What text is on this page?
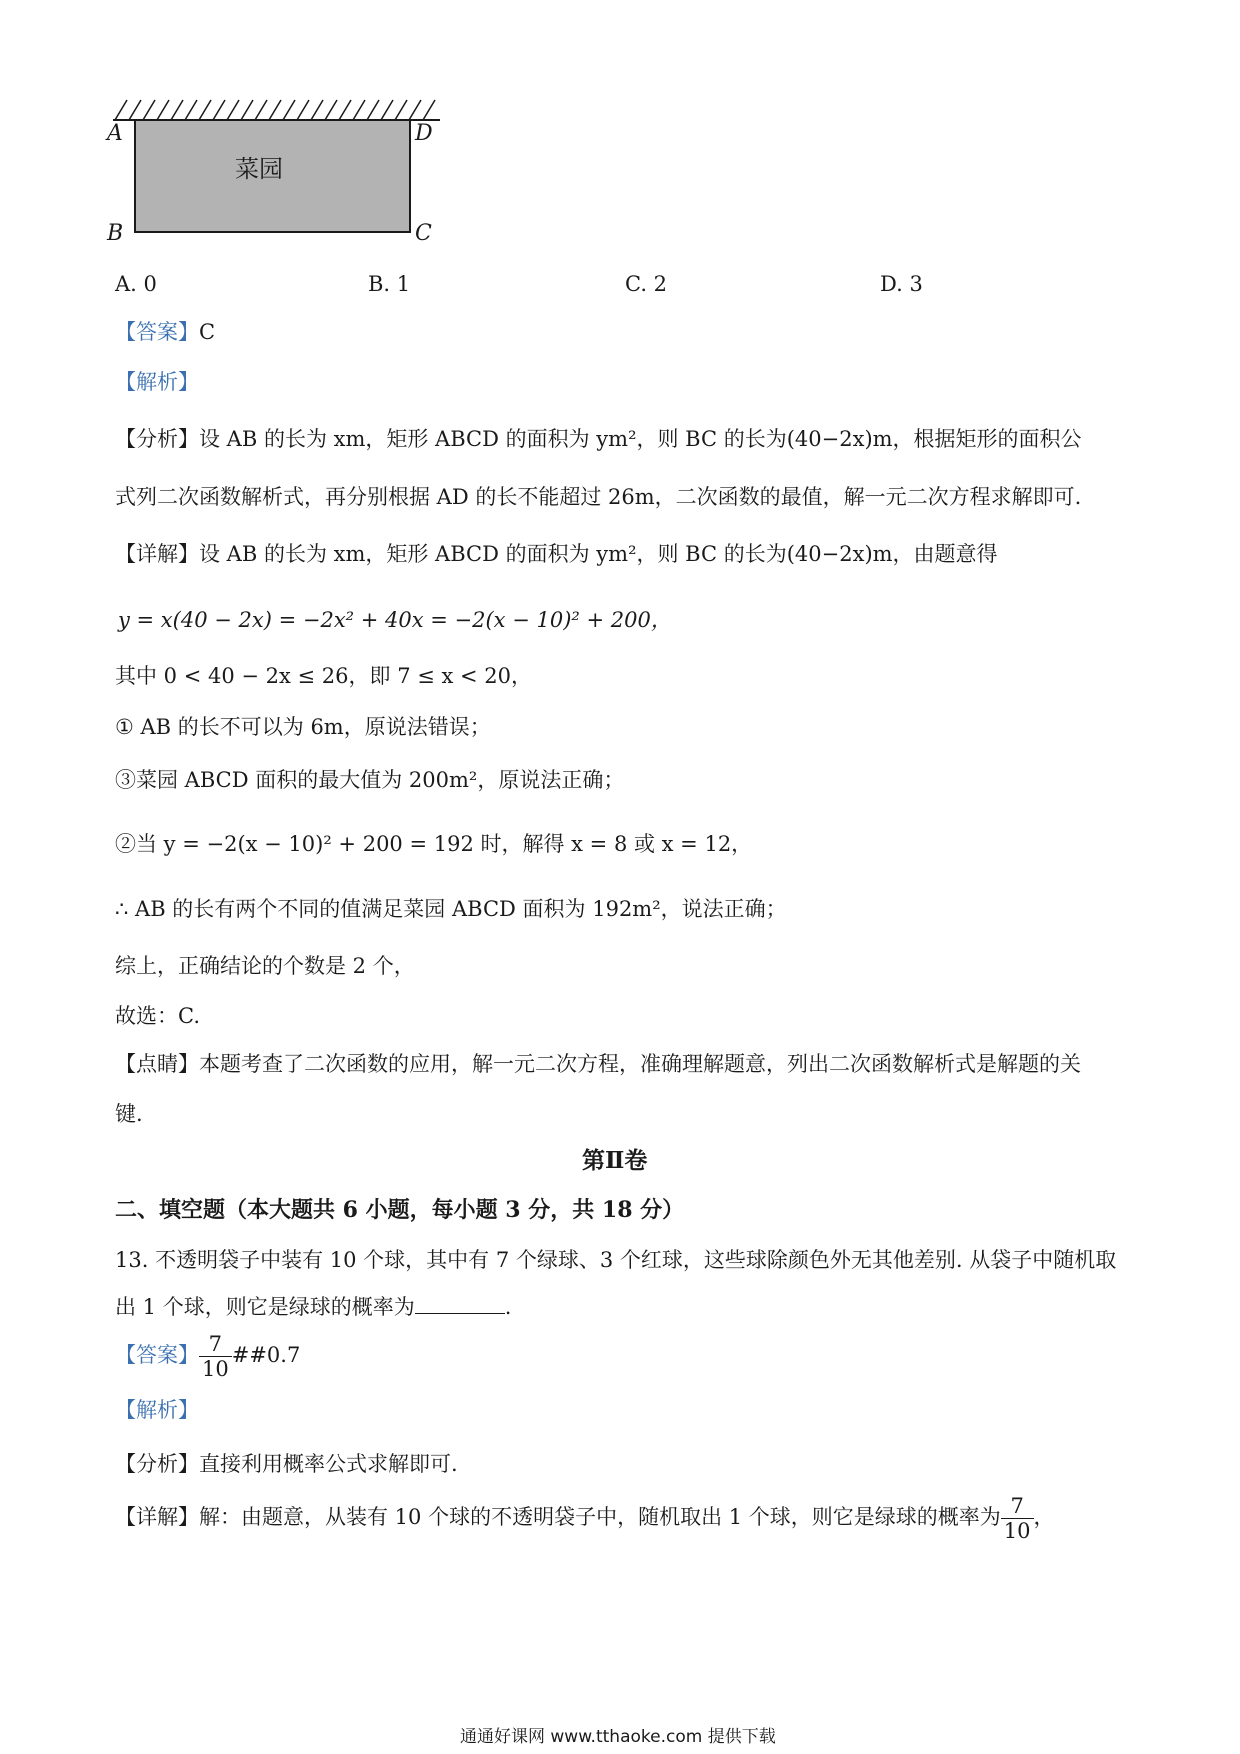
A	D
B	C
菜园
A. 0	B. 1	C. 2	D. 3
【答案】C
【解析】
【分析】设 AB 的长为 xm，矩形 ABCD 的面积为 ym²，则 BC 的长为(40−2x)m，根据矩形的面积公
式列二次函数解析式，再分别根据 AD 的长不能超过 26m，二次函数的最值，解一元二次方程求解即可.
【详解】设 AB 的长为 xm，矩形 ABCD 的面积为 ym²，则 BC 的长为(40−2x)m，由题意得
y = x(40 − 2x) = −2x² + 40x = −2(x − 10)² + 200，
其中 0 < 40 − 2x ≤ 26，即 7 ≤ x < 20，
① AB 的长不可以为 6m，原说法错误；
③菜园 ABCD 面积的最大值为 200m²，原说法正确；
②当 y = −2(x − 10)² + 200 = 192 时，解得 x = 8 或 x = 12，
∴ AB 的长有两个不同的值满足菜园 ABCD 面积为 192m²，说法正确；
综上，正确结论的个数是 2 个，
故选：C.
【点睛】本题考查了二次函数的应用，解一元二次方程，准确理解题意，列出二次函数解析式是解题的关
键.
第Ⅱ卷
二、填空题（本大题共 6 小题，每小题 3 分，共 18 分）
13. 不透明袋子中装有 10 个球，其中有 7 个绿球、3 个红球，这些球除颜色外无其他差别. 从袋子中随机取
出 1 个球，则它是绿球的概率为	.
【答案】 $\frac{7}{10}$ ##0.7
【解析】
【分析】直接利用概率公式求解即可.
【详解】解：由题意，从装有 10 个球的不透明袋子中，随机取出 1 个球，则它是绿球的概率为 $\frac{7}{10}$ ，
通通好课网 www.tthaoke.com 提供下载
